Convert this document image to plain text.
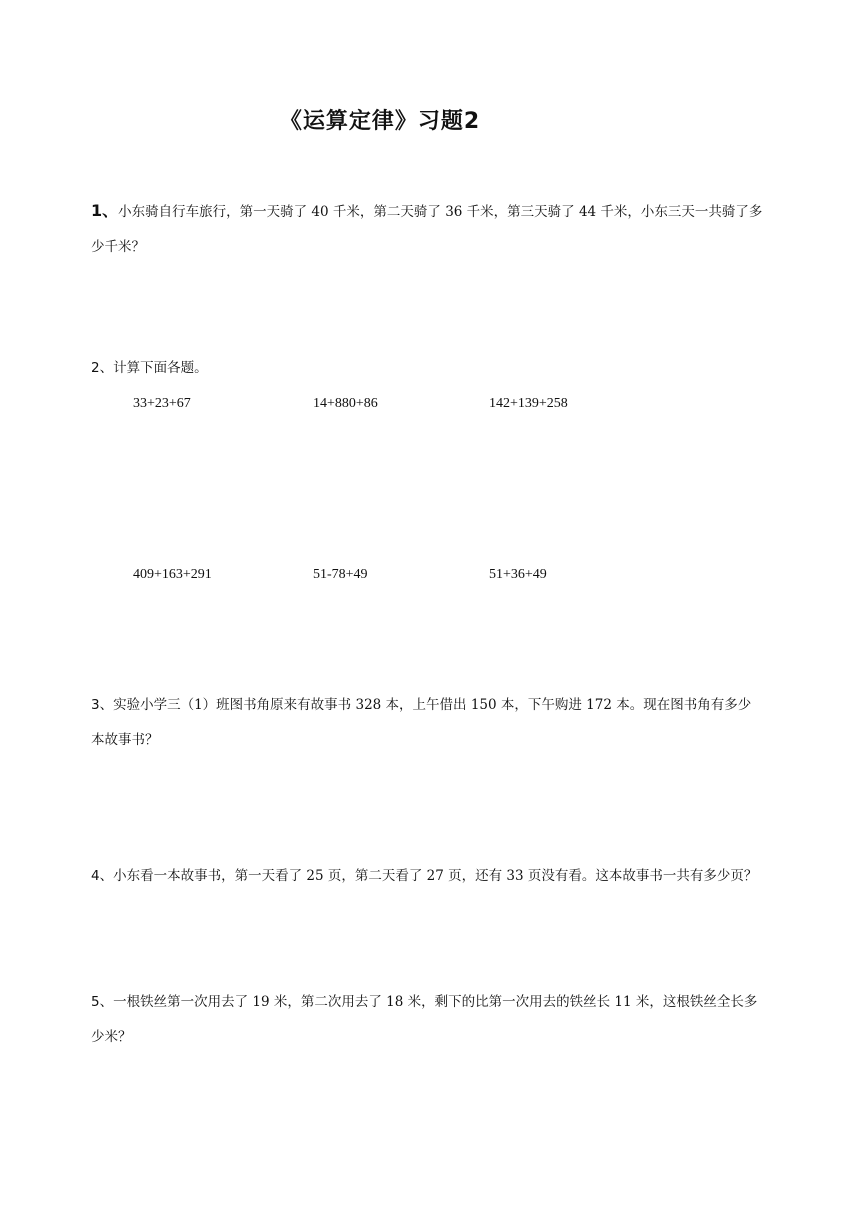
《运算定律》习题2
1、小东骑自行车旅行，第一天骑了 40 千米，第二天骑了 36 千米，第三天骑了 44 千米，小东三天一共骑了多少千米？
2、计算下面各题。
33+23+67	14+880+86	142+139+258
409+163+291	51-78+49	51+36+49
3、实验小学三（1）班图书角原来有故事书 328 本，上午借出 150 本，下午购进 172 本。现在图书角有多少本故事书？
4、小东看一本故事书，第一天看了 25 页，第二天看了 27 页，还有 33 页没有看。这本故事书一共有多少页？
5、一根铁丝第一次用去了 19 米，第二次用去了 18 米，剩下的比第一次用去的铁丝长 11 米，这根铁丝全长多少米？
